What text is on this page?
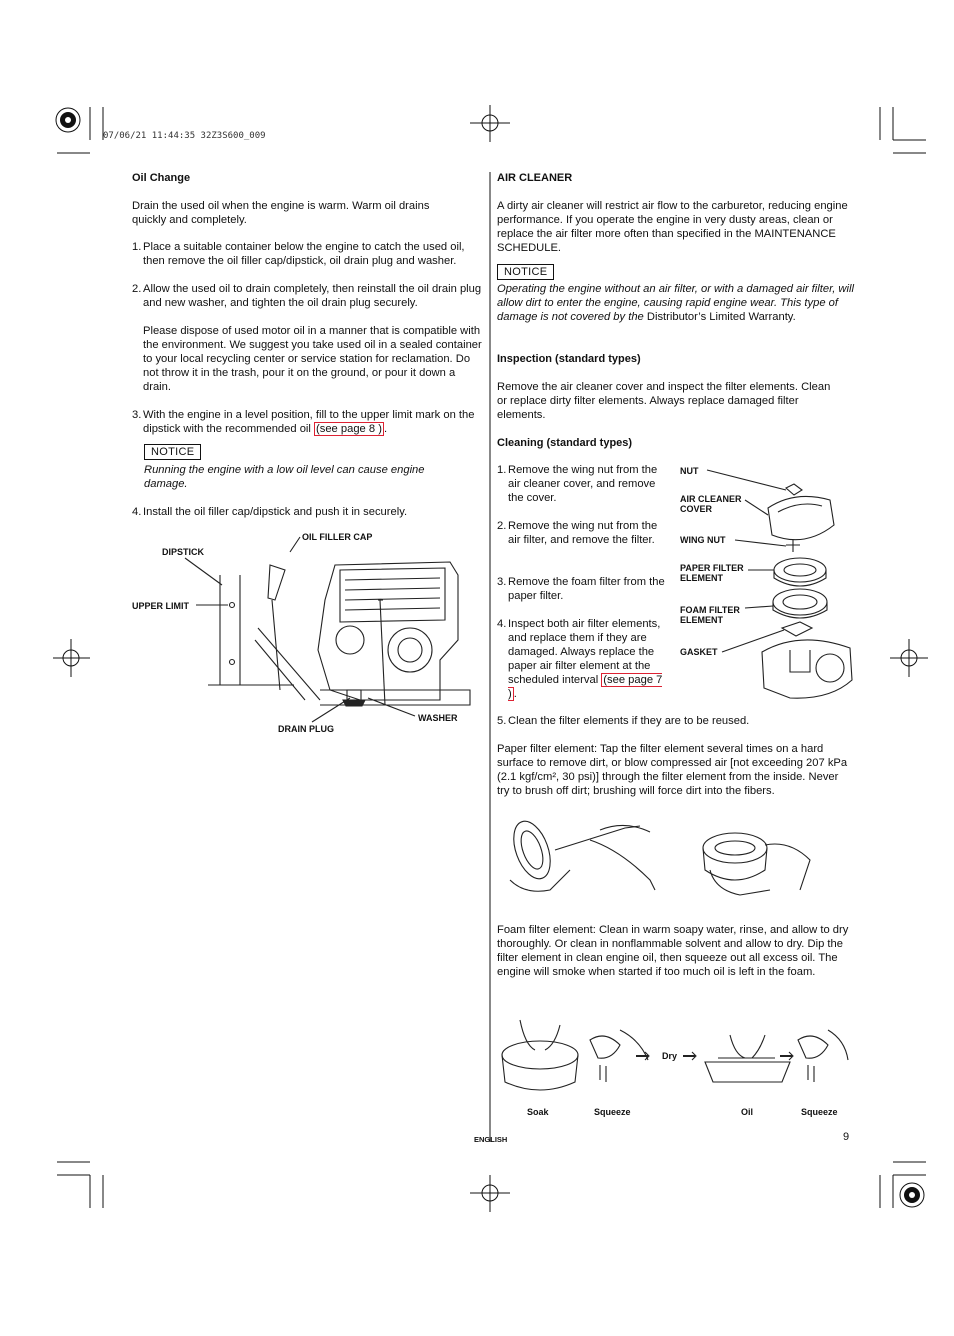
07/06/21 11:44:35 32Z3S600_009
Oil Change
Drain the used oil when the engine is warm. Warm oil drains quickly and completely.
1. Place a suitable container below the engine to catch the used oil, then remove the oil filler cap/dipstick, oil drain plug and washer.
2. Allow the used oil to drain completely, then reinstall the oil drain plug and new washer, and tighten the oil drain plug securely.
Please dispose of used motor oil in a manner that is compatible with the environment. We suggest you take used oil in a sealed container to your local recycling center or service station for reclamation. Do not throw it in the trash, pour it on the ground, or pour it down a drain.
3. With the engine in a level position, fill to the upper limit mark on the dipstick with the recommended oil (see page 8 ) .
NOTICE
Running the engine with a low oil level can cause engine damage.
4. Install the oil filler cap/dipstick and push it in securely.
DIPSTICK
OIL FILLER CAP
UPPER LIMIT
DRAIN PLUG
WASHER
AIR CLEANER
A dirty air cleaner will restrict air flow to the carburetor, reducing engine performance. If you operate the engine in very dusty areas, clean or replace the air filter more often than specified in the MAINTENANCE SCHEDULE.
NOTICE
Operating the engine without an air filter, or with a damaged air filter, will allow dirt to enter the engine, causing rapid engine wear. This type of damage is not covered by the Distributor’s Limited Warranty.
Inspection (standard types)
Remove the air cleaner cover and inspect the filter elements. Clean or replace dirty filter elements. Always replace damaged filter elements.
Cleaning (standard types)
1. Remove the wing nut from the air cleaner cover, and remove the cover.
2. Remove the wing nut from the air filter, and remove the filter.
3. Remove the foam filter from the paper filter.
4. Inspect both air filter elements, and replace them if they are damaged. Always replace the paper air filter element at the scheduled interval (see page 7 ) .
NUT
AIR CLEANER COVER
WING NUT
PAPER FILTER ELEMENT
FOAM FILTER ELEMENT
GASKET
5. Clean the filter elements if they are to be reused.
Paper filter element: Tap the filter element several times on a hard surface to remove dirt, or blow compressed air [not exceeding 207 kPa (2.1 kgf/cm², 30 psi)] through the filter element from the inside. Never try to brush off dirt; brushing will force dirt into the fibers.
Foam filter element: Clean in warm soapy water, rinse, and allow to dry thoroughly. Or clean in nonflammable solvent and allow to dry. Dip the filter element in clean engine oil, then squeeze out all excess oil. The engine will smoke when started if too much oil is left in the foam.
Soak	Squeeze
Dry
Oil	Squeeze
ENGLISH	9
